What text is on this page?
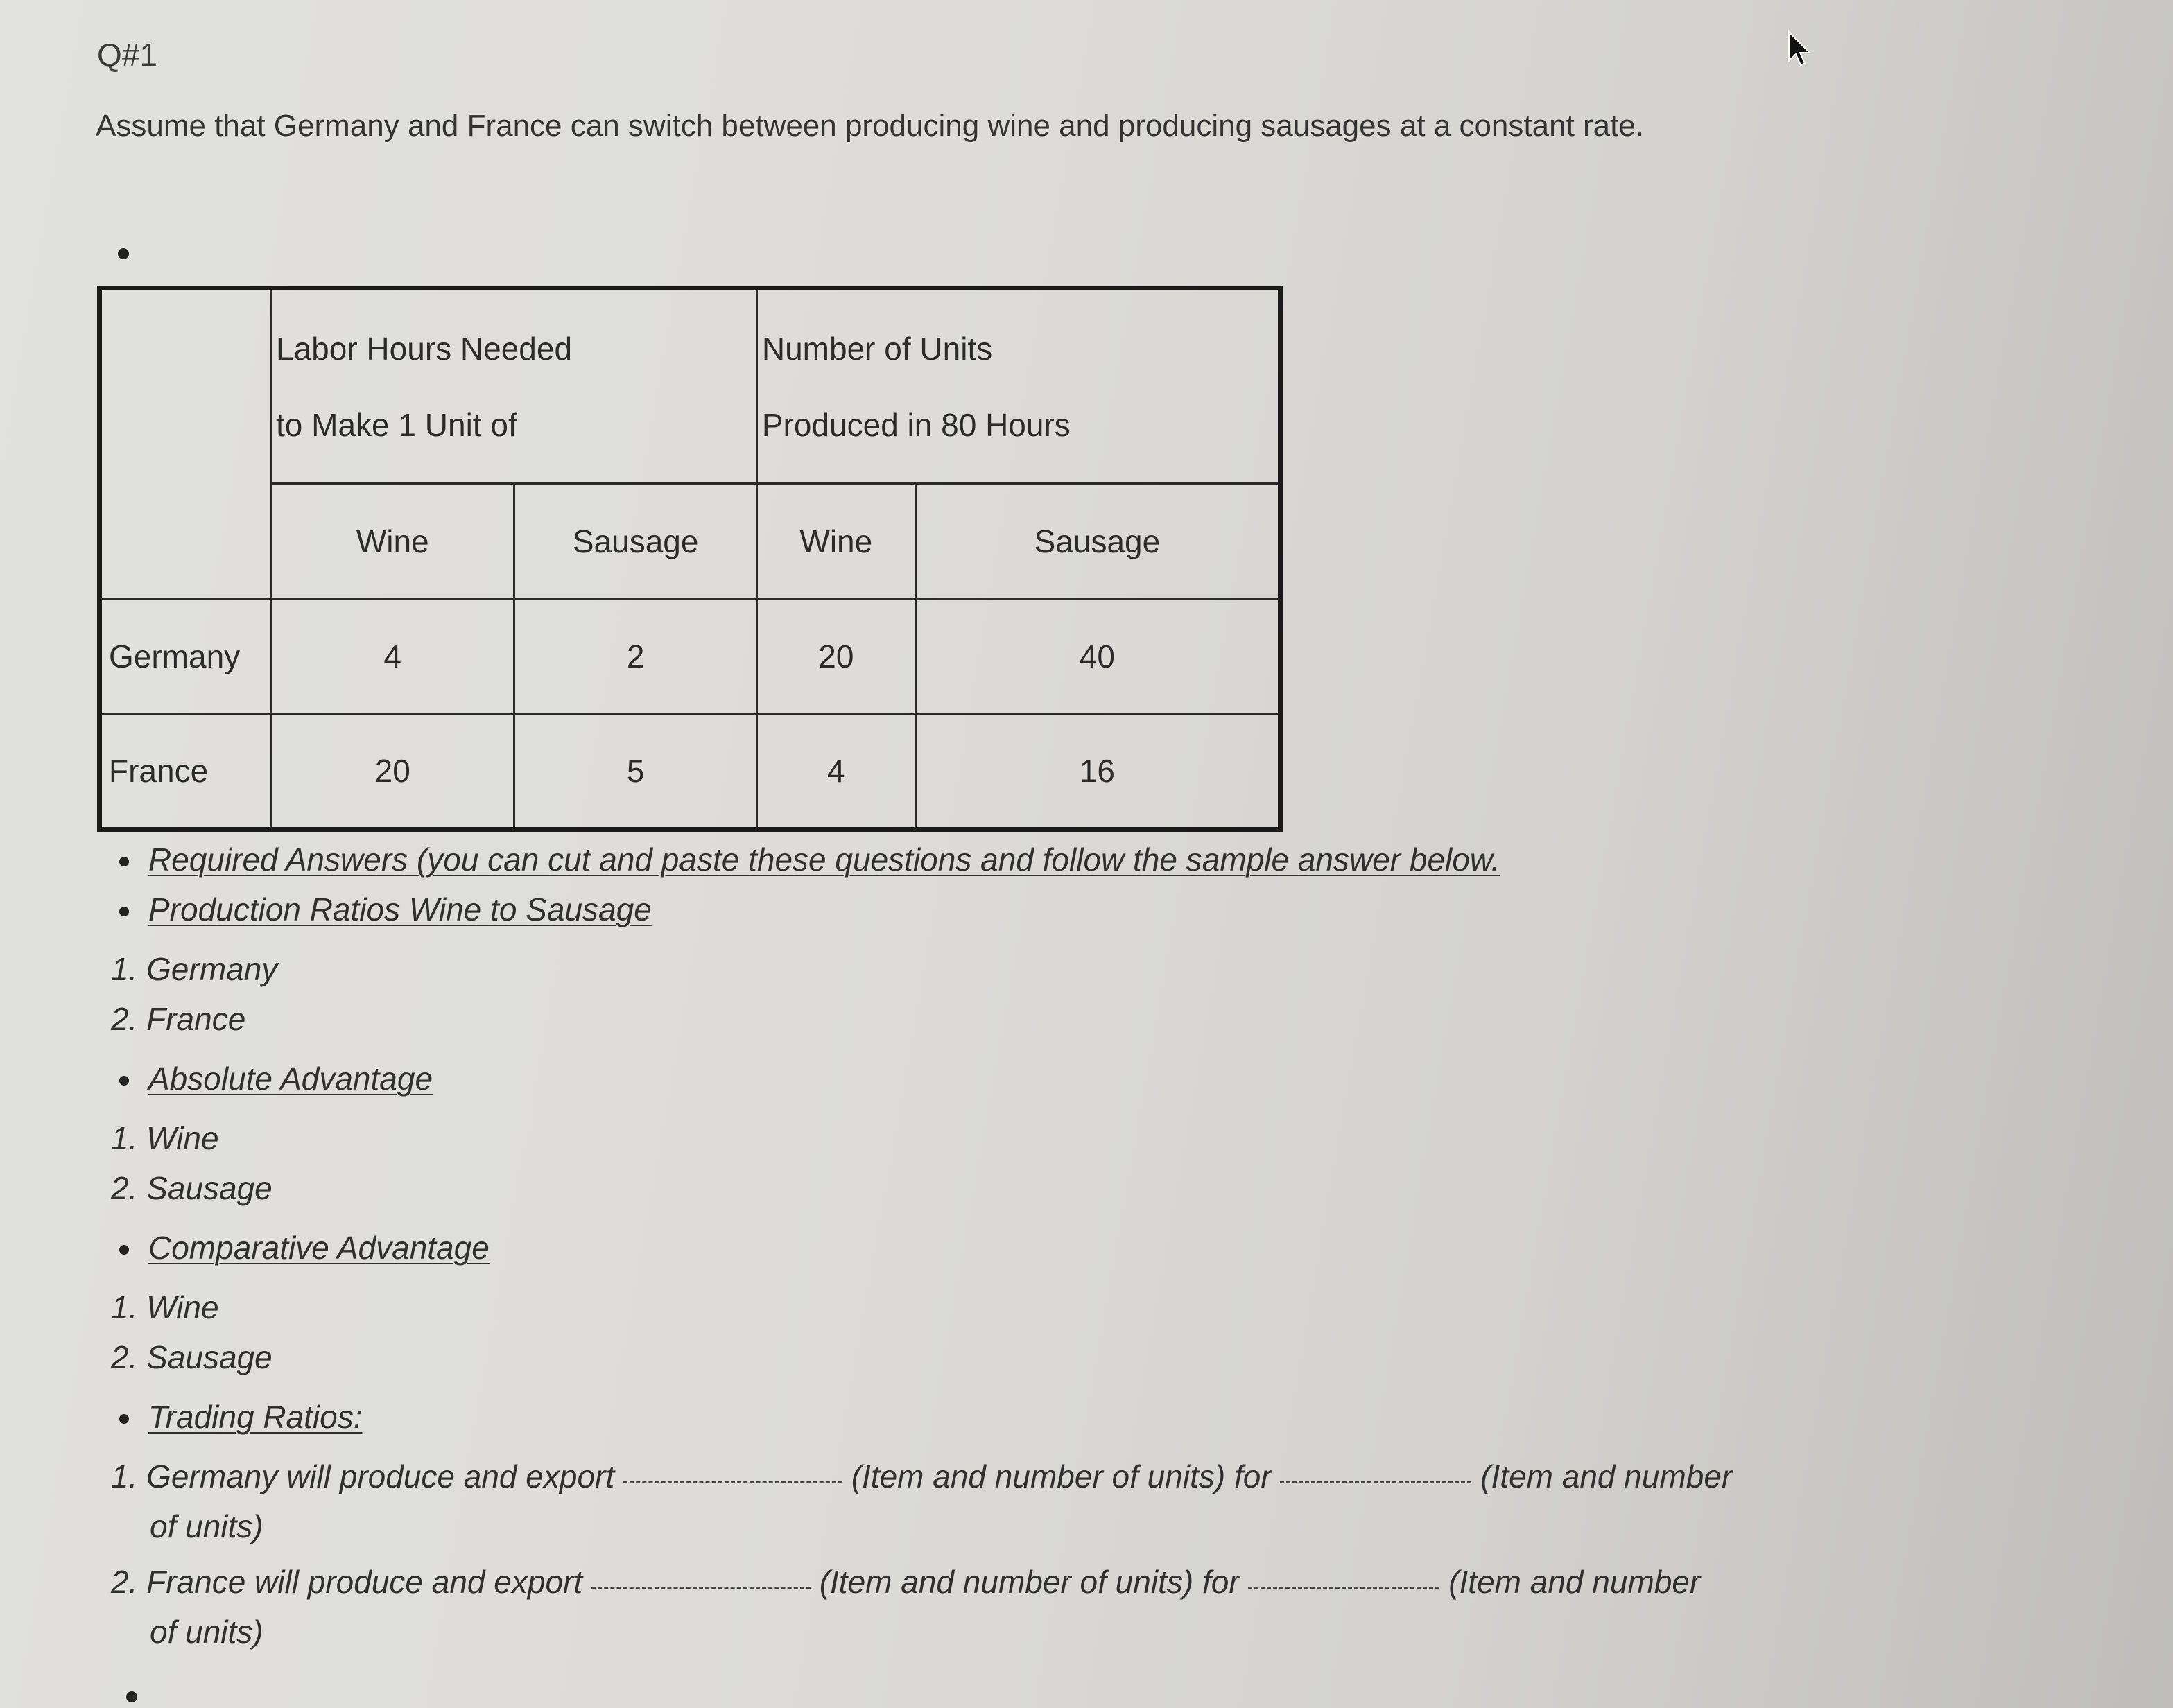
Q#1
Assume that Germany and France can switch between producing wine and producing sausages at a constant rate.

	Labor Hours Needed
to Make 1 Unit of		Number of Units
Produced in 80 Hours	

	Wine	Sausage	Wine	Sausage
Germany	4	2	20	40
France	20	5	4	16
Required Answers (you can cut and paste these questions and follow the sample answer below.
Production Ratios Wine to Sausage
1. Germany
2. France
Absolute Advantage
1. Wine
2. Sausage
Comparative Advantage
1. Wine
2. Sausage
Trading Ratios:
1. Germany will produce and export	(Item and number of units) for	(Item and number
of units)
2. France will produce and export	(Item and number of units) for	(Item and number
of units)
